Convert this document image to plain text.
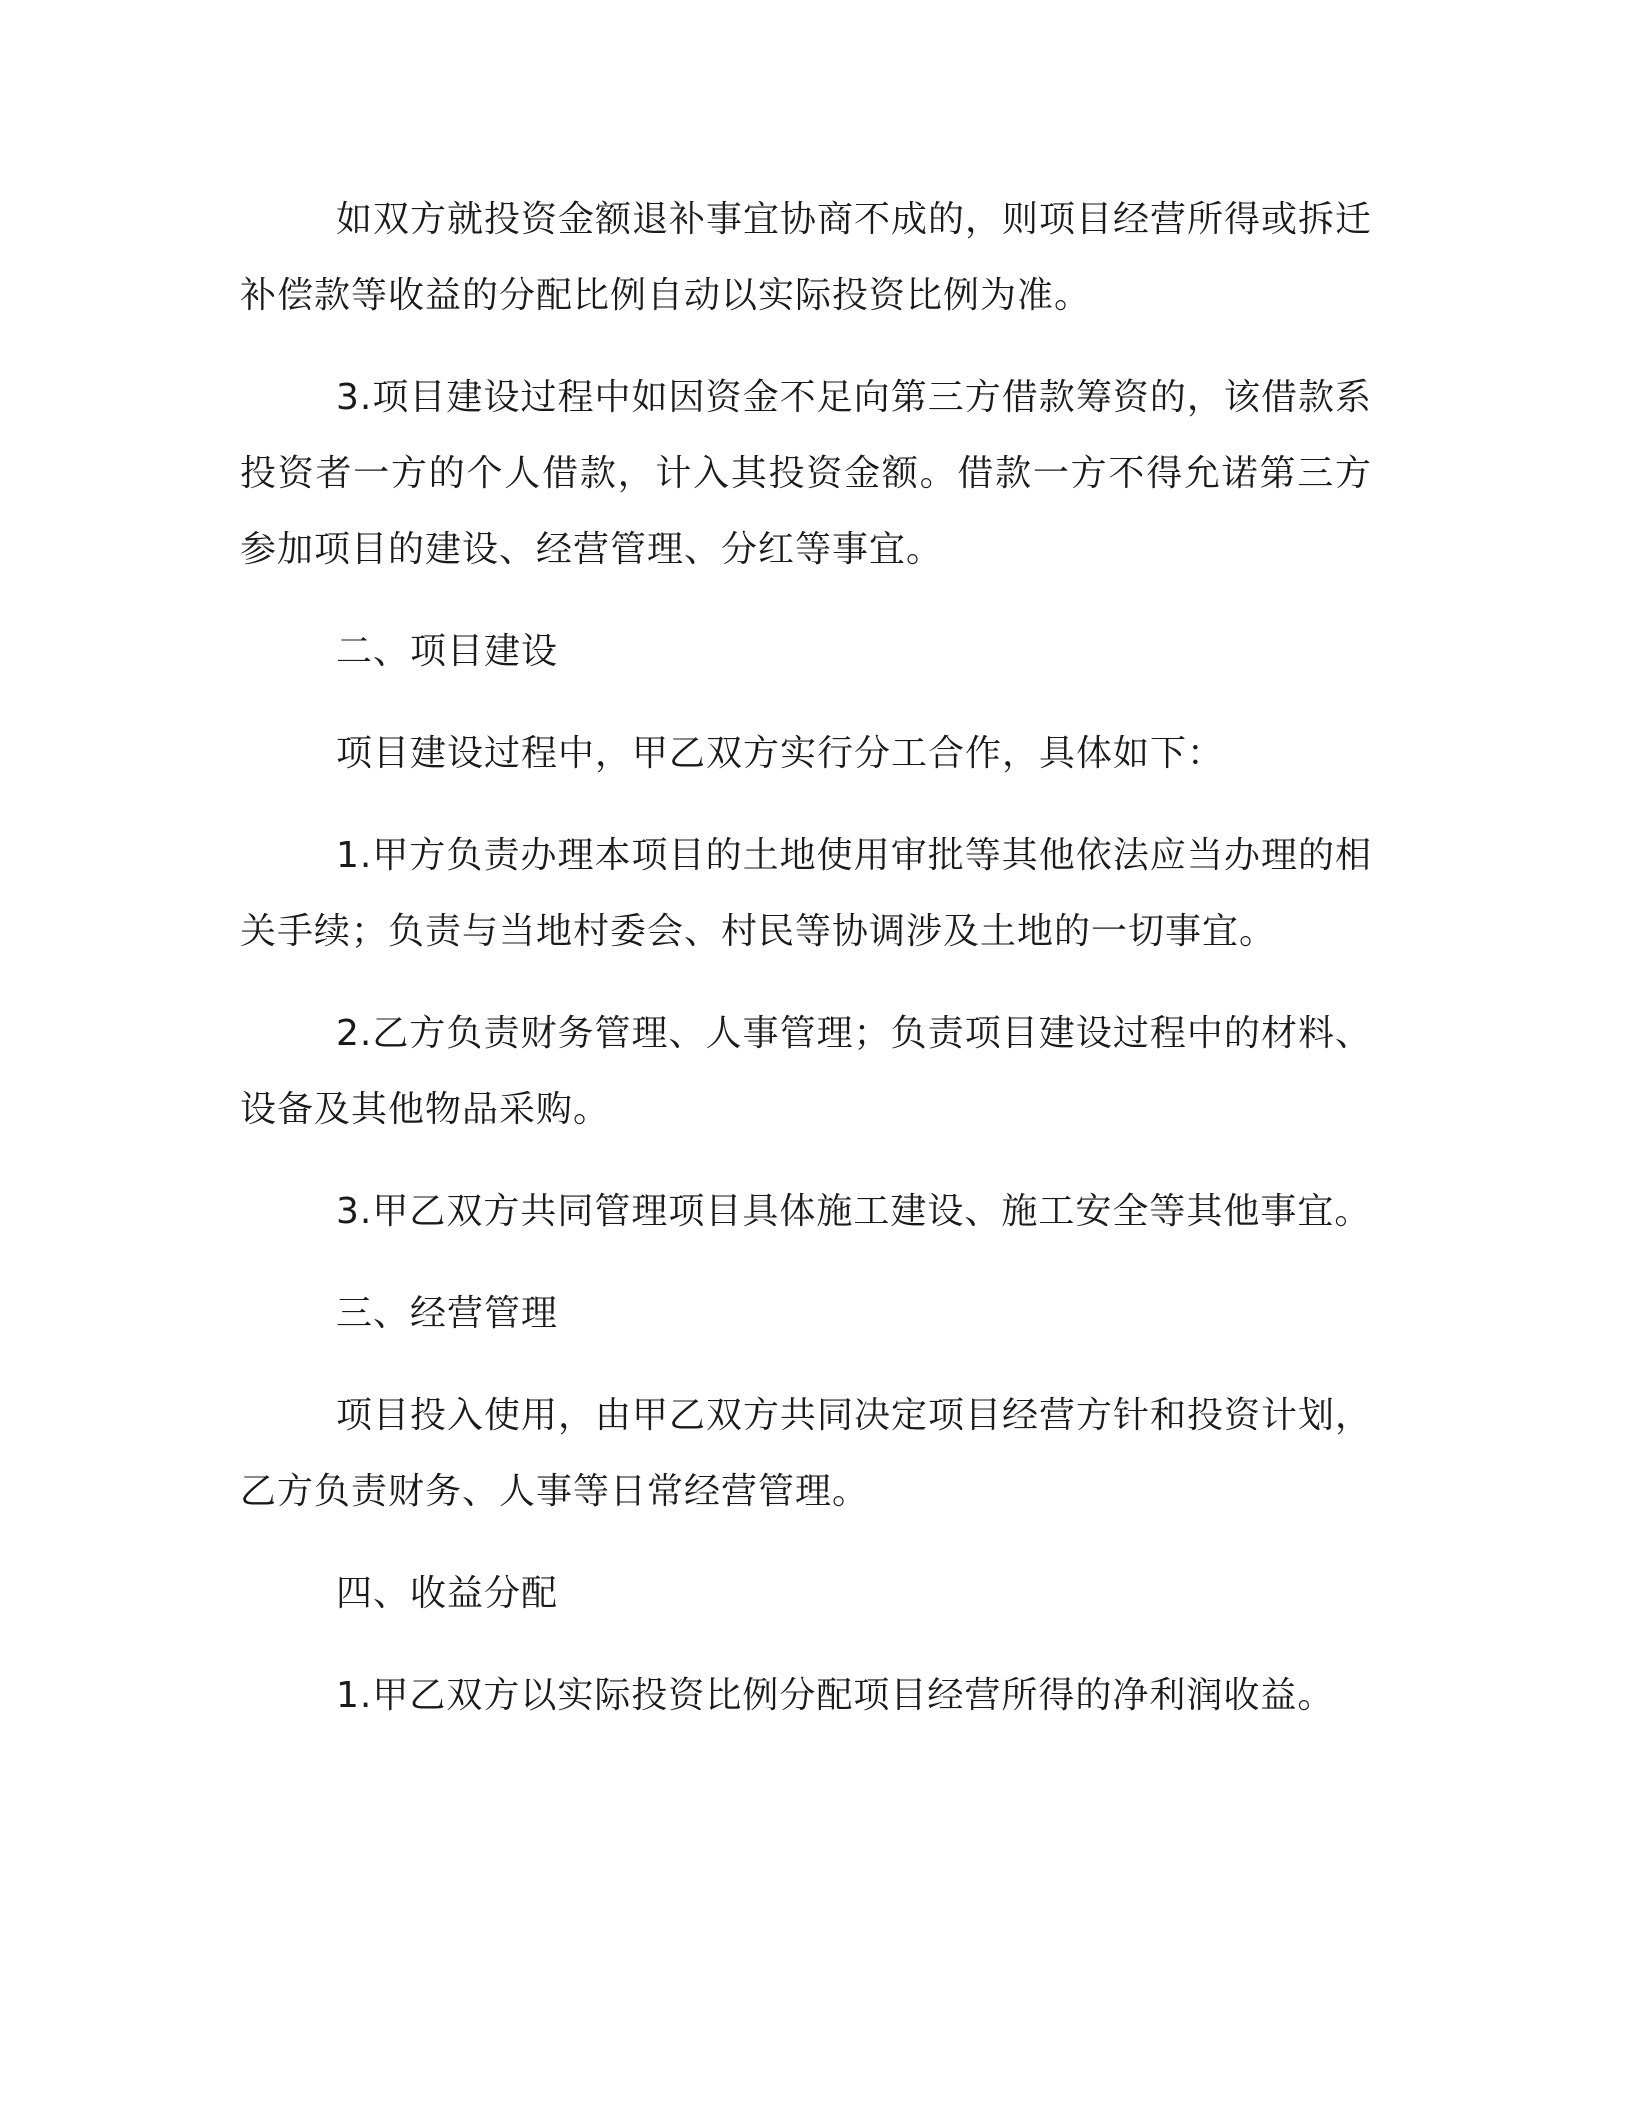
如双方就投资金额退补事宜协商不成的，则项目经营所得或拆迁补偿款等收益的分配比例自动以实际投资比例为准。

3.项目建设过程中如因资金不足向第三方借款筹资的，该借款系投资者一方的个人借款，计入其投资金额。借款一方不得允诺第三方参加项目的建设、经营管理、分红等事宜。

二、项目建设

项目建设过程中，甲乙双方实行分工合作，具体如下：

1.甲方负责办理本项目的土地使用审批等其他依法应当办理的相关手续；负责与当地村委会、村民等协调涉及土地的一切事宜。

2.乙方负责财务管理、人事管理；负责项目建设过程中的材料、设备及其他物品采购。

3.甲乙双方共同管理项目具体施工建设、施工安全等其他事宜。

三、经营管理

项目投入使用，由甲乙双方共同决定项目经营方针和投资计划，乙方负责财务、人事等日常经营管理。

四、收益分配

1.甲乙双方以实际投资比例分配项目经营所得的净利润收益。
